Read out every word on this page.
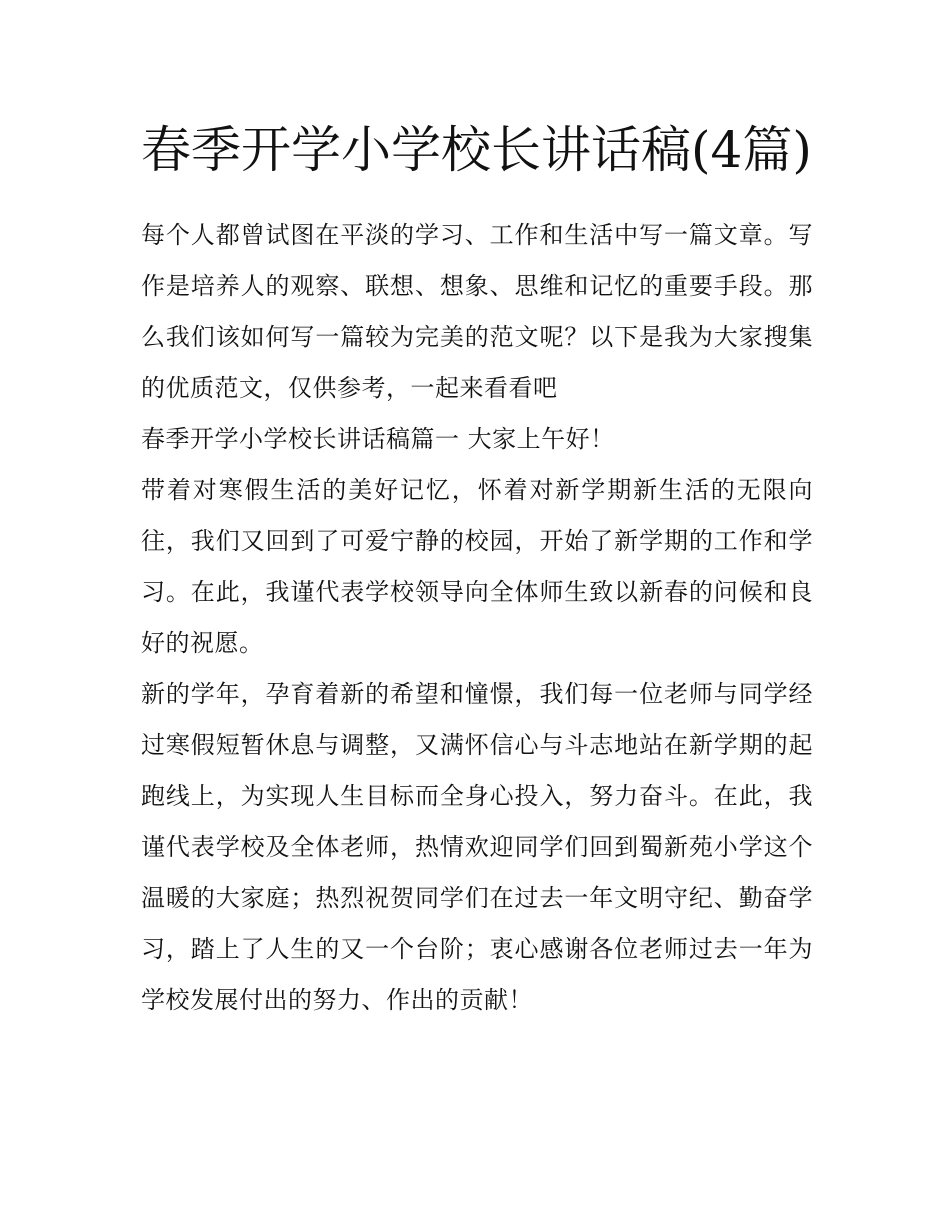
春季开学小学校长讲话稿(4篇)

每个人都曾试图在平淡的学习、工作和生活中写一篇文章。写作是培养人的观察、联想、想象、思维和记忆的重要手段。那么我们该如何写一篇较为完美的范文呢？以下是我为大家搜集的优质范文，仅供参考，一起来看看吧

春季开学小学校长讲话稿篇一 大家上午好！

带着对寒假生活的美好记忆，怀着对新学期新生活的无限向往，我们又回到了可爱宁静的校园，开始了新学期的工作和学习。在此，我谨代表学校领导向全体师生致以新春的问候和良好的祝愿。

新的学年，孕育着新的希望和憧憬，我们每一位老师与同学经过寒假短暂休息与调整，又满怀信心与斗志地站在新学期的起跑线上，为实现人生目标而全身心投入，努力奋斗。在此，我谨代表学校及全体老师，热情欢迎同学们回到蜀新苑小学这个温暖的大家庭；热烈祝贺同学们在过去一年文明守纪、勤奋学习，踏上了人生的又一个台阶；衷心感谢各位老师过去一年为学校发展付出的努力、作出的贡献！
